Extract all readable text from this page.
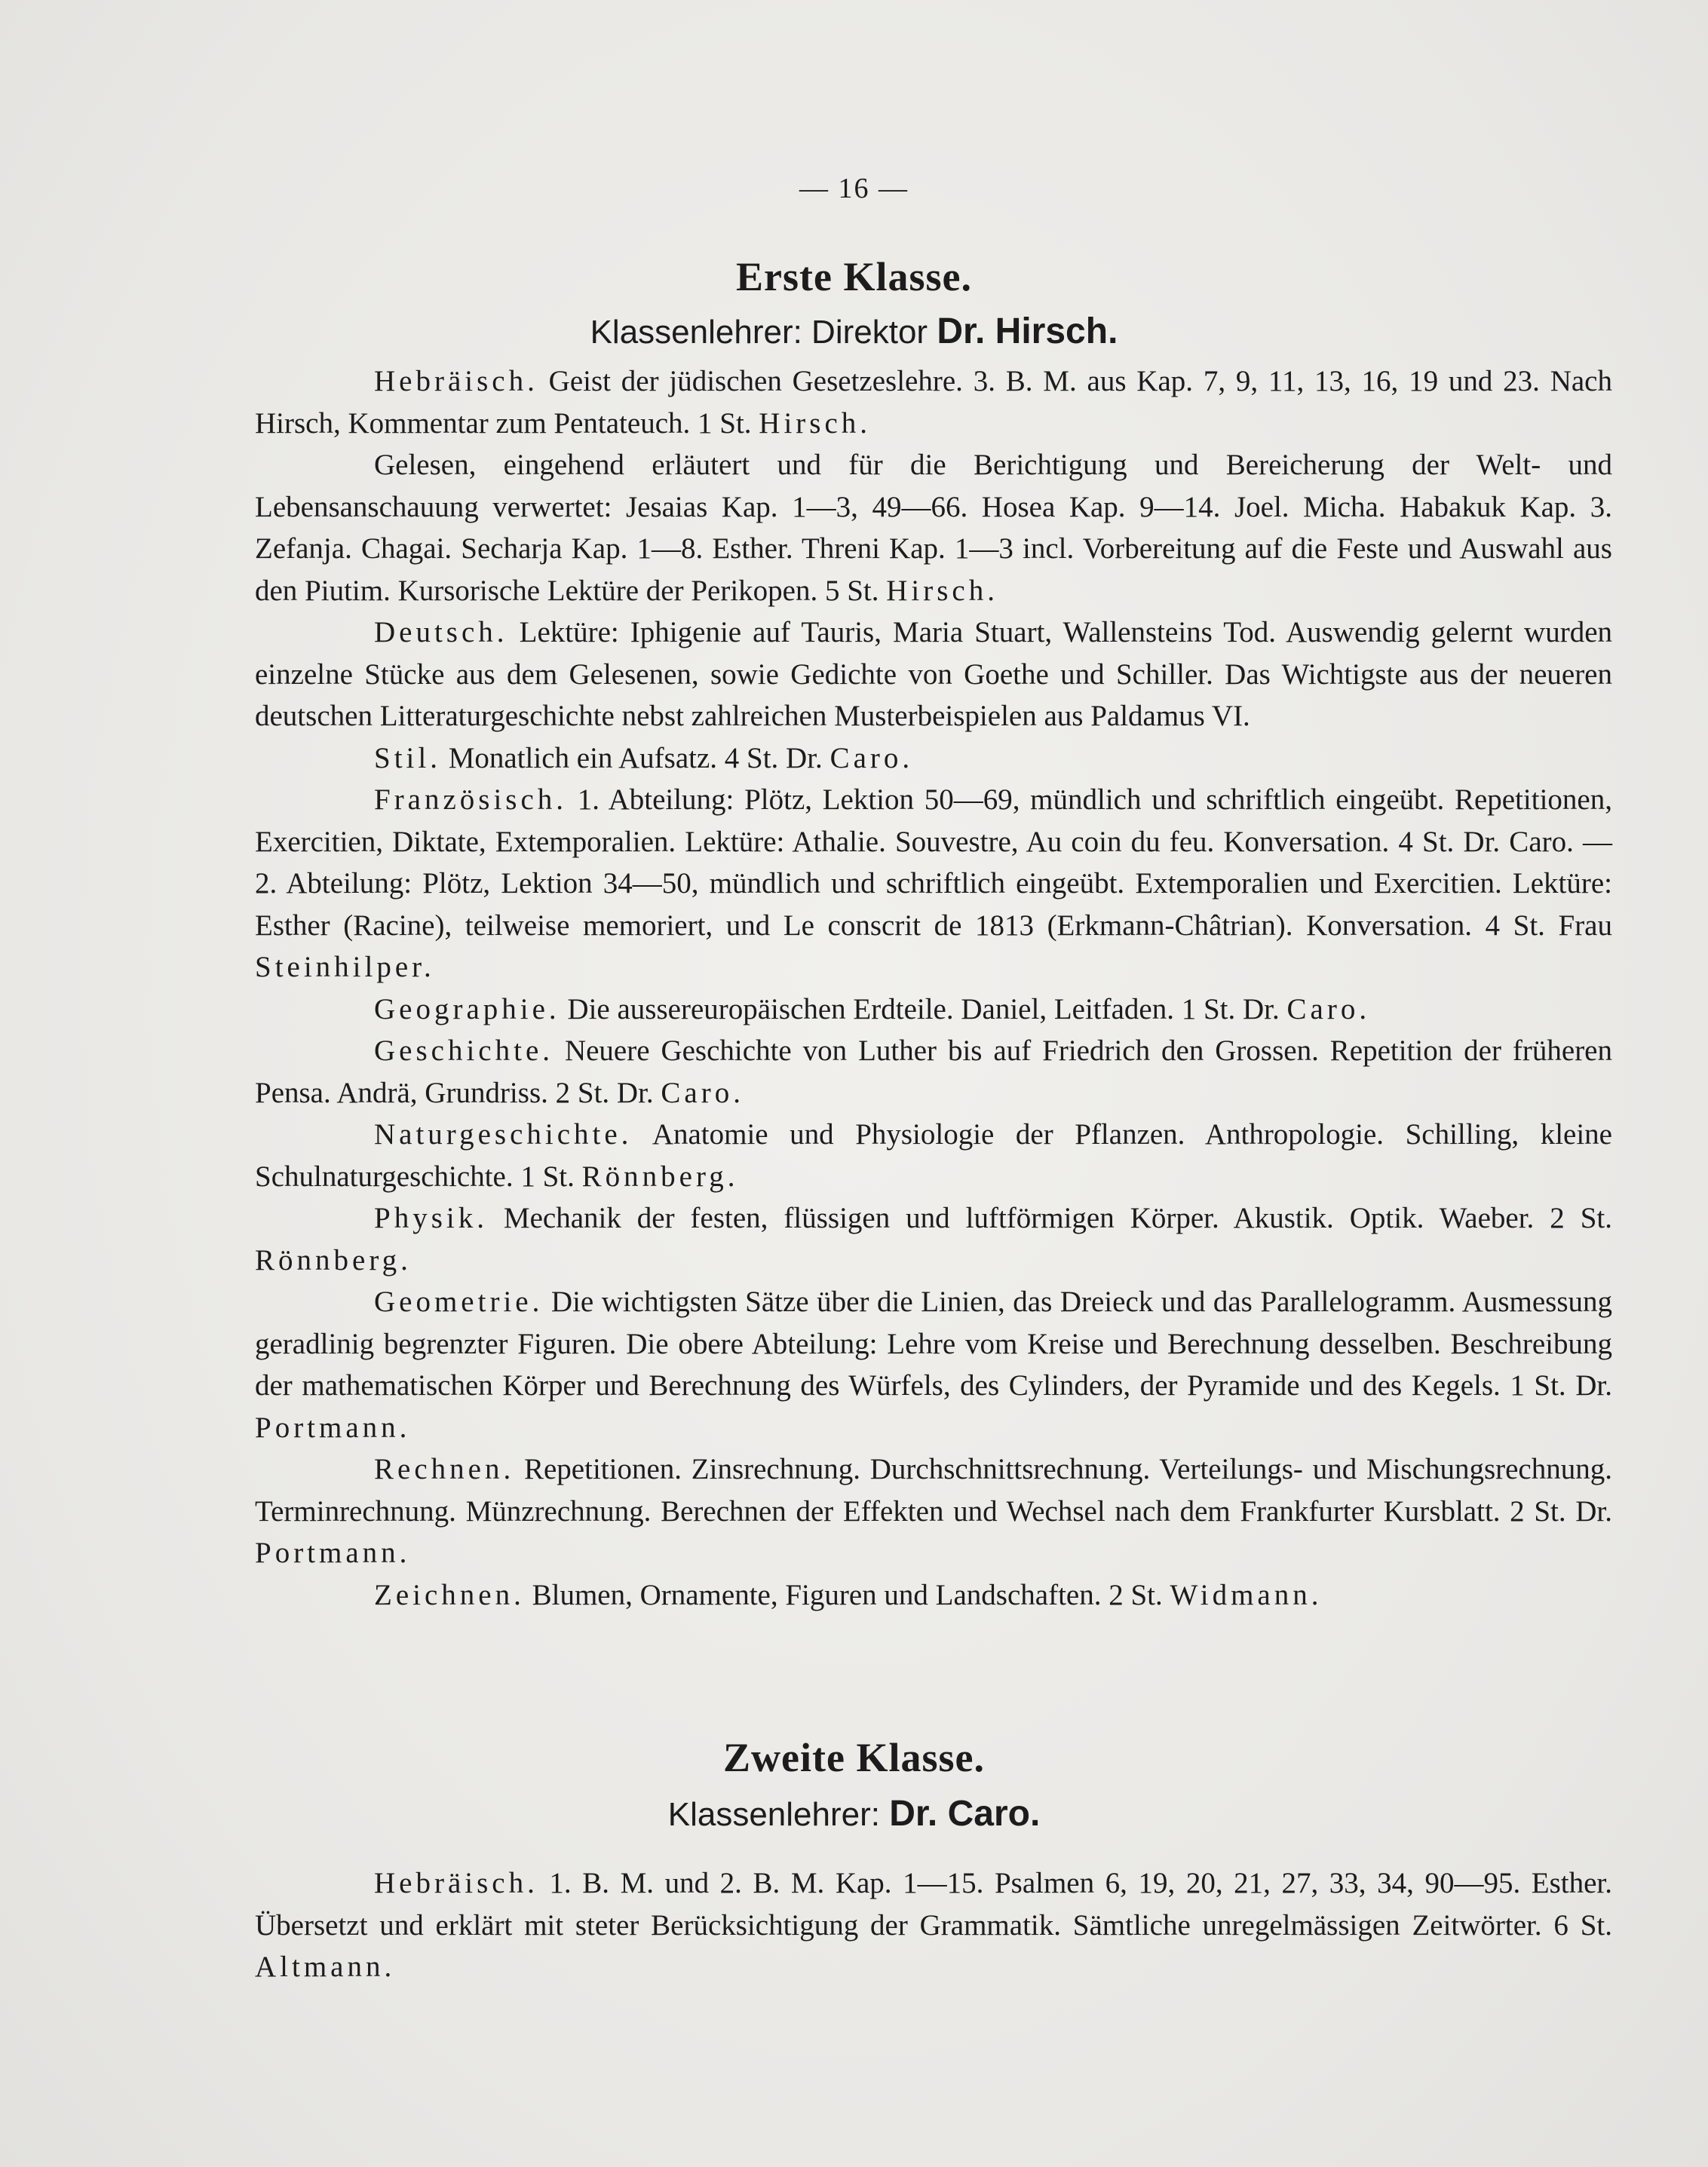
— 16 —
Erste Klasse.
Klassenlehrer: Direktor Dr. Hirsch.

Hebräisch. Geist der jüdischen Gesetzeslehre. 3. B. M. aus Kap. 7, 9, 11, 13, 16, 19 und 23. Nach Hirsch, Kommentar zum Pentateuch. 1 St. Hirsch.

Gelesen, eingehend erläutert und für die Berichtigung und Bereicherung der Welt- und Lebensanschauung verwertet: Jesaias Kap. 1—3, 49—66. Hosea Kap. 9—14. Joel. Micha. Habakuk Kap. 3. Zefanja. Chagai. Secharja Kap. 1—8. Esther. Threni Kap. 1—3 incl. Vorbereitung auf die Feste und Auswahl aus den Piutim. Kursorische Lektüre der Perikopen. 5 St. Hirsch.

Deutsch. Lektüre: Iphigenie auf Tauris, Maria Stuart, Wallensteins Tod. Auswendig gelernt wurden einzelne Stücke aus dem Gelesenen, sowie Gedichte von Goethe und Schiller. Das Wichtigste aus der neueren deutschen Litteraturgeschichte nebst zahlreichen Musterbeispielen aus Paldamus VI.

Stil. Monatlich ein Aufsatz. 4 St. Dr. Caro.

Französisch. 1. Abteilung: Plötz, Lektion 50—69, mündlich und schriftlich eingeübt. Repetitionen, Exercitien, Diktate, Extemporalien. Lektüre: Athalie. Souvestre, Au coin du feu. Konversation. 4 St. Dr. Caro. — 2. Abteilung: Plötz, Lektion 34—50, mündlich und schriftlich eingeübt. Extemporalien und Exercitien. Lektüre: Esther (Racine), teilweise memoriert, und Le conscrit de 1813 (Erkmann-Châtrian). Konversation. 4 St. Frau Steinhilper.

Geographie. Die aussereuropäischen Erdteile. Daniel, Leitfaden. 1 St. Dr. Caro.

Geschichte. Neuere Geschichte von Luther bis auf Friedrich den Grossen. Repetition der früheren Pensa. Andrä, Grundriss. 2 St. Dr. Caro.

Naturgeschichte. Anatomie und Physiologie der Pflanzen. Anthropologie. Schilling, kleine Schulnaturgeschichte. 1 St. Rönnberg.

Physik. Mechanik der festen, flüssigen und luftförmigen Körper. Akustik. Optik. Waeber. 2 St. Rönnberg.

Geometrie. Die wichtigsten Sätze über die Linien, das Dreieck und das Parallelogramm. Ausmessung geradlinig begrenzter Figuren. Die obere Abteilung: Lehre vom Kreise und Berechnung desselben. Beschreibung der mathematischen Körper und Berechnung des Würfels, des Cylinders, der Pyramide und des Kegels. 1 St. Dr. Portmann.

Rechnen. Repetitionen. Zinsrechnung. Durchschnittsrechnung. Verteilungs- und Mischungsrechnung. Terminrechnung. Münzrechnung. Berechnen der Effekten und Wechsel nach dem Frankfurter Kursblatt. 2 St. Dr. Portmann.

Zeichnen. Blumen, Ornamente, Figuren und Landschaften. 2 St. Widmann.

Zweite Klasse.
Klassenlehrer: Dr. Caro.

Hebräisch. 1. B. M. und 2. B. M. Kap. 1—15. Psalmen 6, 19, 20, 21, 27, 33, 34, 90—95. Esther. Übersetzt und erklärt mit steter Berücksichtigung der Grammatik. Sämtliche unregelmässigen Zeitwörter. 6 St. Altmann.
